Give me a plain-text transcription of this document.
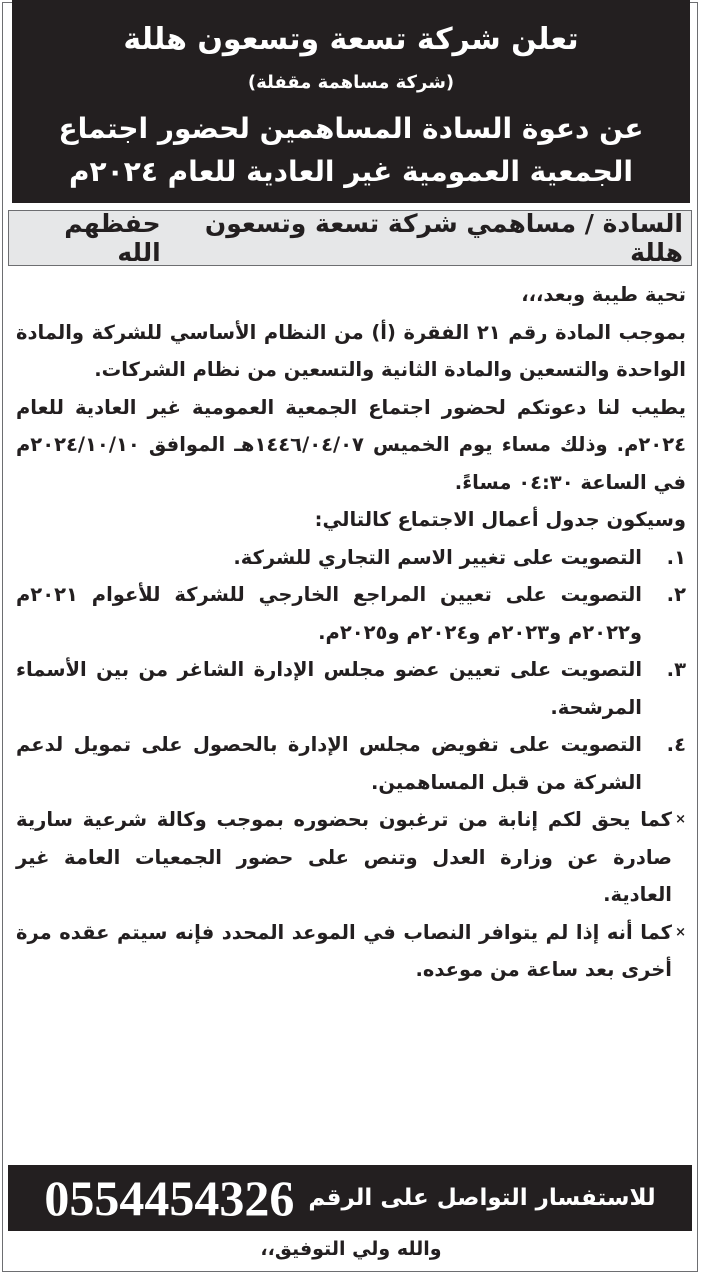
تعلن شركة تسعة وتسعون هللة
(شركة مساهمة مقفلة)
عن دعوة السادة المساهمين لحضور اجتماع
الجمعية العمومية غير العادية للعام ٢٠٢٤م
السادة / مساهمي شركة تسعة وتسعون هللة
حفظهم الله

تحية طيبة وبعد،،،

بموجب المادة رقم ٢١ الفقرة (أ) من النظام الأساسي للشركة والمادة الواحدة والتسعين والمادة الثانية والتسعين من نظام الشركات.

يطيب لنا دعوتكم لحضور اجتماع الجمعية العمومية غير العادية للعام ٢٠٢٤م. وذلك مساء يوم الخميس ١٤٤٦/٠٤/٠٧هـ الموافق ٢٠٢٤/١٠/١٠م في الساعة ٠٤:٣٠ مساءً.

وسيكون جدول أعمال الاجتماع كالتالي:

١.
التصويت على تغيير الاسم التجاري للشركة.
٢.
التصويت على تعيين المراجع الخارجي للشركة للأعوام ٢٠٢١م و٢٠٢٢م و٢٠٢٣م و٢٠٢٤م و٢٠٢٥م.
٣.
التصويت على تعيين عضو مجلس الإدارة الشاغر من بين الأسماء المرشحة.
٤.
التصويت على تفويض مجلس الإدارة بالحصول على تمويل لدعم الشركة من قبل المساهمين.
×
كما يحق لكم إنابة من ترغبون بحضوره بموجب وكالة شرعية سارية صادرة عن وزارة العدل وتنص على حضور الجمعيات العامة غير العادية.
×
كما أنه إذا لم يتوافر النصاب في الموعد المحدد فإنه سيتم عقده مرة أخرى بعد ساعة من موعده.
للاستفسار التواصل على الرقم
0554454326
والله ولي التوفيق،،
